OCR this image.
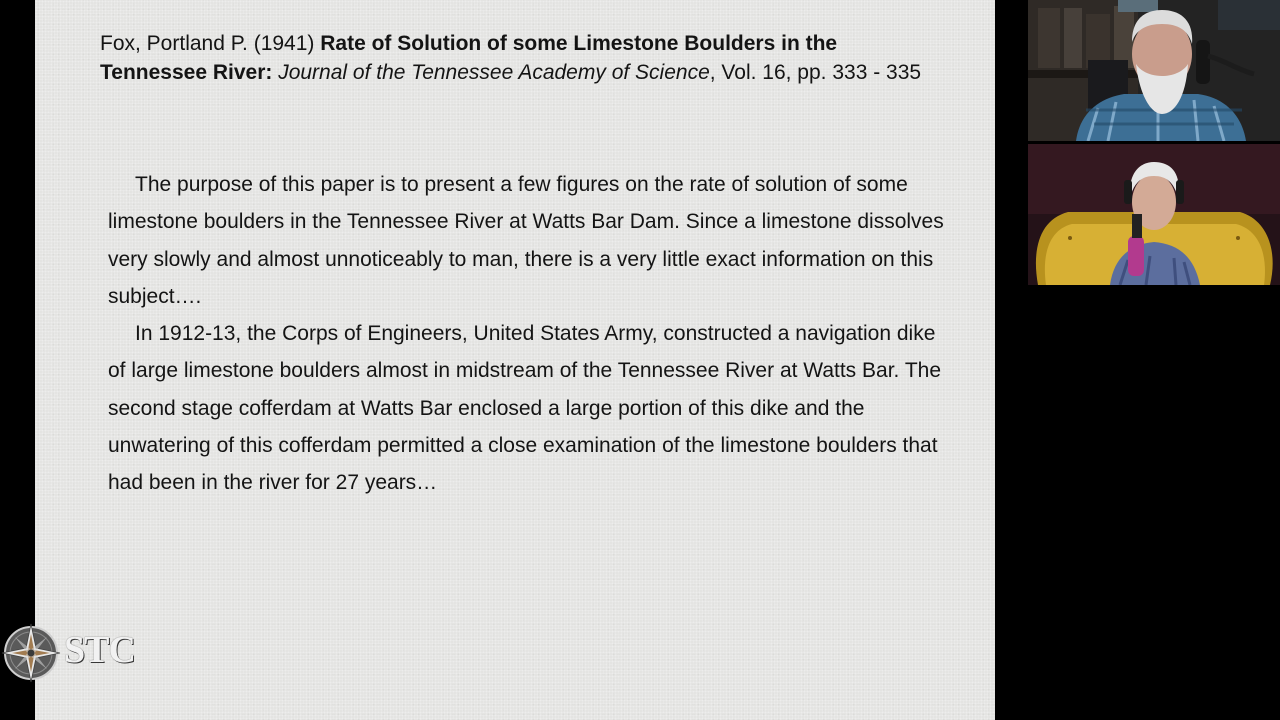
Fox, Portland P. (1941) Rate of Solution of some Limestone Boulders in the Tennessee River: Journal of the Tennessee Academy of Science, Vol. 16, pp. 333 - 335

The purpose of this paper is to present a few figures on the rate of solution of some limestone boulders in the Tennessee River at Watts Bar Dam. Since a limestone dissolves very slowly and almost unnoticeably to man, there is a very little exact information on this subject….

In 1912-13, the Corps of Engineers, United States Army, constructed a navigation dike of large limestone boulders almost in midstream of the Tennessee River at Watts Bar. The second stage cofferdam at Watts Bar enclosed a large portion of this dike and the unwatering of this cofferdam permitted a close examination of the limestone boulders that had been in the river for 27 years…

STC
